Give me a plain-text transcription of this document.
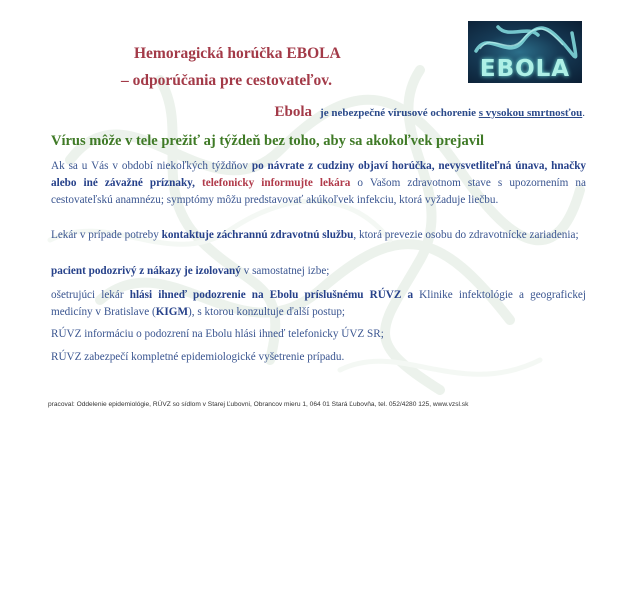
Hemoragická horúčka EBOLA
– odporúčania pre cestovateľov.	EBOLA
Ebola je nebezpečné vírusové ochorenie s vysokou smrtnosťou.
Vírus môže v tele prežiť aj týždeň bez toho, aby sa akokoľvek prejavil
Ak sa u Vás v období niekoľkých týždňov po návrate z cudziny objaví horúčka, nevysvetliteľná únava, hnačky alebo iné závažné príznaky, telefonicky informujte lekára o Vašom zdravotnom stave s upozornením na cestovateľskú anamnézu; symptómy môžu predstavovať akúkoľvek infekciu, ktorá vyžaduje liečbu.
Lekár v prípade potreby kontaktuje záchrannú zdravotnú službu, ktorá prevezie osobu do zdravotnícke zariadenia;
pacient podozrivý z nákazy je izolovaný v samostatnej izbe;
ošetrujúci lekár hlási ihneď podozrenie na Ebolu príslušnému RÚVZ a Klinike infektológie a geografickej medicíny v Bratislave (KIGM), s ktorou konzultuje ďalší postup;
RÚVZ informáciu o podozrení na Ebolu hlási ihneď telefonicky ÚVZ SR;
RÚVZ zabezpečí kompletné epidemiologické vyšetrenie prípadu.
pracoval: Oddelenie epidemiológie, RÚVZ so sídlom v Starej Ľubovni, Obrancov mieru 1, 064 01 Stará Ľubovňa, tel. 052/4280 125, www.vzsl.sk
